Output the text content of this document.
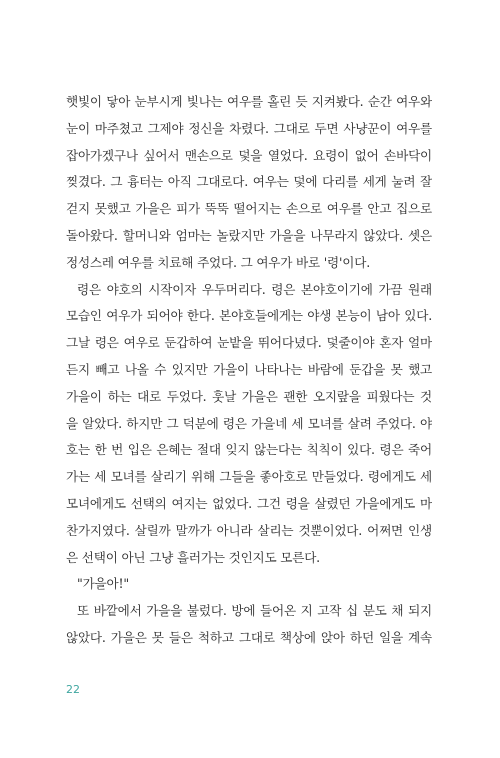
햇빛이 닿아 눈부시게 빛나는 여우를 홀린 듯 지켜봤다. 순간 여우와
눈이 마주쳤고 그제야 정신을 차렸다. 그대로 두면 사냥꾼이 여우를
잡아가겠구나 싶어서 맨손으로 덫을 열었다. 요령이 없어 손바닥이
찢겼다. 그 흉터는 아직 그대로다. 여우는 덫에 다리를 세게 눌려 잘
걷지 못했고 가을은 피가 뚝뚝 떨어지는 손으로 여우를 안고 집으로
돌아왔다. 할머니와 엄마는 놀랐지만 가을을 나무라지 않았다. 셋은
정성스레 여우를 치료해 주었다. 그 여우가 바로 '령'이다.
령은 야호의 시작이자 우두머리다. 령은 본야호이기에 가끔 원래
모습인 여우가 되어야 한다. 본야호들에게는 야생 본능이 남아 있다.
그날 령은 여우로 둔갑하여 눈밭을 뛰어다녔다. 덫줄이야 혼자 얼마
든지 빼고 나올 수 있지만 가을이 나타나는 바람에 둔갑을 못 했고
가을이 하는 대로 두었다. 훗날 가을은 괜한 오지랖을 피웠다는 것
을 알았다. 하지만 그 덕분에 령은 가을네 세 모녀를 살려 주었다. 야
호는 한 번 입은 은혜는 절대 잊지 않는다는 칙칙이 있다. 령은 죽어
가는 세 모녀를 살리기 위해 그들을 좋아호로 만들었다. 령에게도 세
모녀에게도 선택의 여지는 없었다. 그건 령을 살렸던 가을에게도 마
찬가지였다. 살릴까 말까가 아니라 살리는 것뿐이었다. 어쩌면 인생
은 선택이 아닌 그냥 흘러가는 것인지도 모른다.
"가을아!"
또 바깥에서 가을을 불렀다. 방에 들어온 지 고작 십 분도 채 되지
않았다. 가을은 못 들은 척하고 그대로 책상에 앉아 하던 일을 계속
22
